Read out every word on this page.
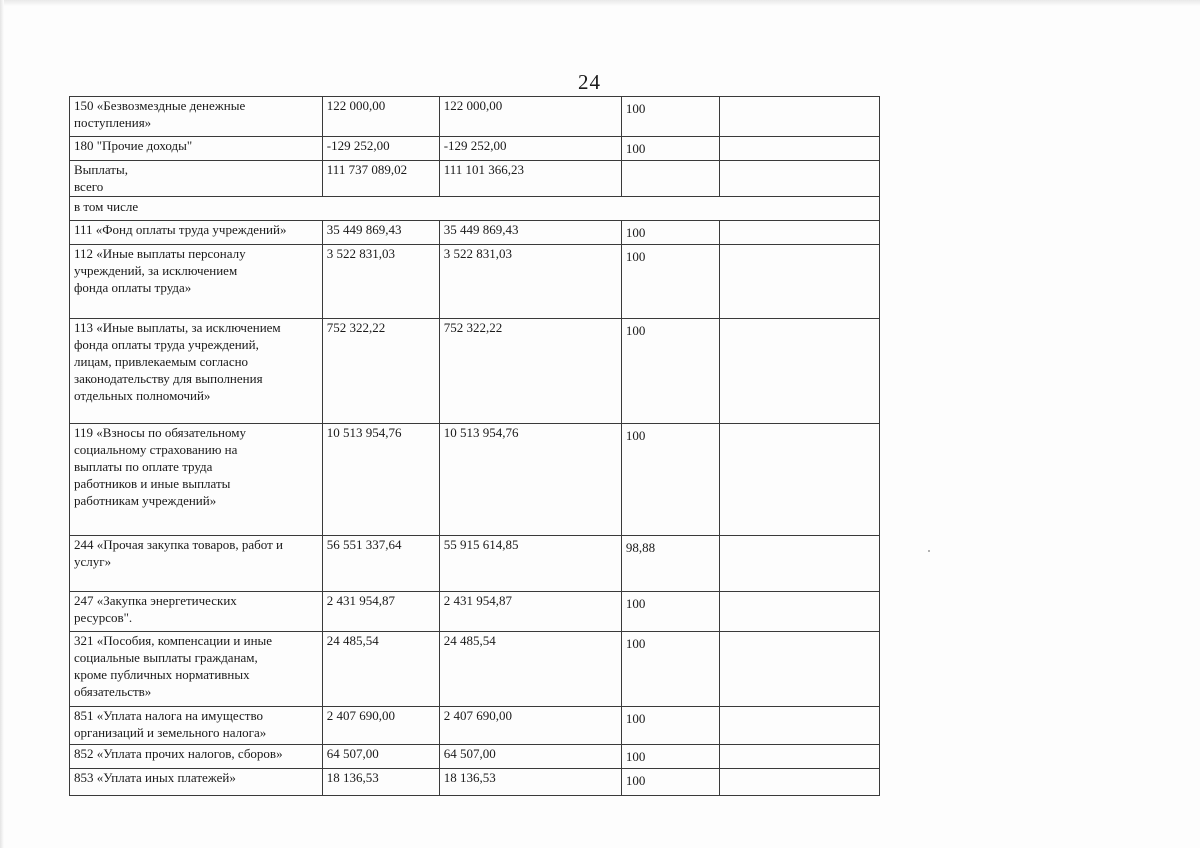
24
150 «Безвозмездные денежные
поступления»	122 000,00	122 000,00	100	
180 "Прочие доходы"	-129 252,00	-129 252,00	100	
Выплаты,
всего	111 737 089,02	111 101 366,23		
в том числе				
111 «Фонд оплаты труда учреждений»	35 449 869,43	35 449 869,43	100	
112 «Иные выплаты персоналу
учреждений, за исключением
фонда оплаты труда»	3 522 831,03	3 522 831,03	100	
113 «Иные выплаты, за исключением
фонда оплаты труда учреждений,
лицам, привлекаемым согласно
законодательству для выполнения
отдельных полномочий»	752 322,22	752 322,22	100	
119 «Взносы по обязательному
социальному страхованию на
выплаты по оплате труда
работников и иные выплаты
работникам учреждений»	10 513 954,76	10 513 954,76	100	
244 «Прочая закупка товаров, работ и
услуг»	56 551 337,64	55 915 614,85	98,88	
247 «Закупка энергетических
ресурсов".	2 431 954,87	2 431 954,87	100	
321 «Пособия, компенсации и иные
социальные выплаты гражданам,
кроме публичных нормативных
обязательств»	24 485,54	24 485,54	100	
851 «Уплата налога на имущество
организаций и земельного налога»	2 407 690,00	2 407 690,00	100	
852 «Уплата прочих налогов, сборов»	64 507,00	64 507,00	100	
853 «Уплата иных платежей»	18 136,53	18 136,53	100	
